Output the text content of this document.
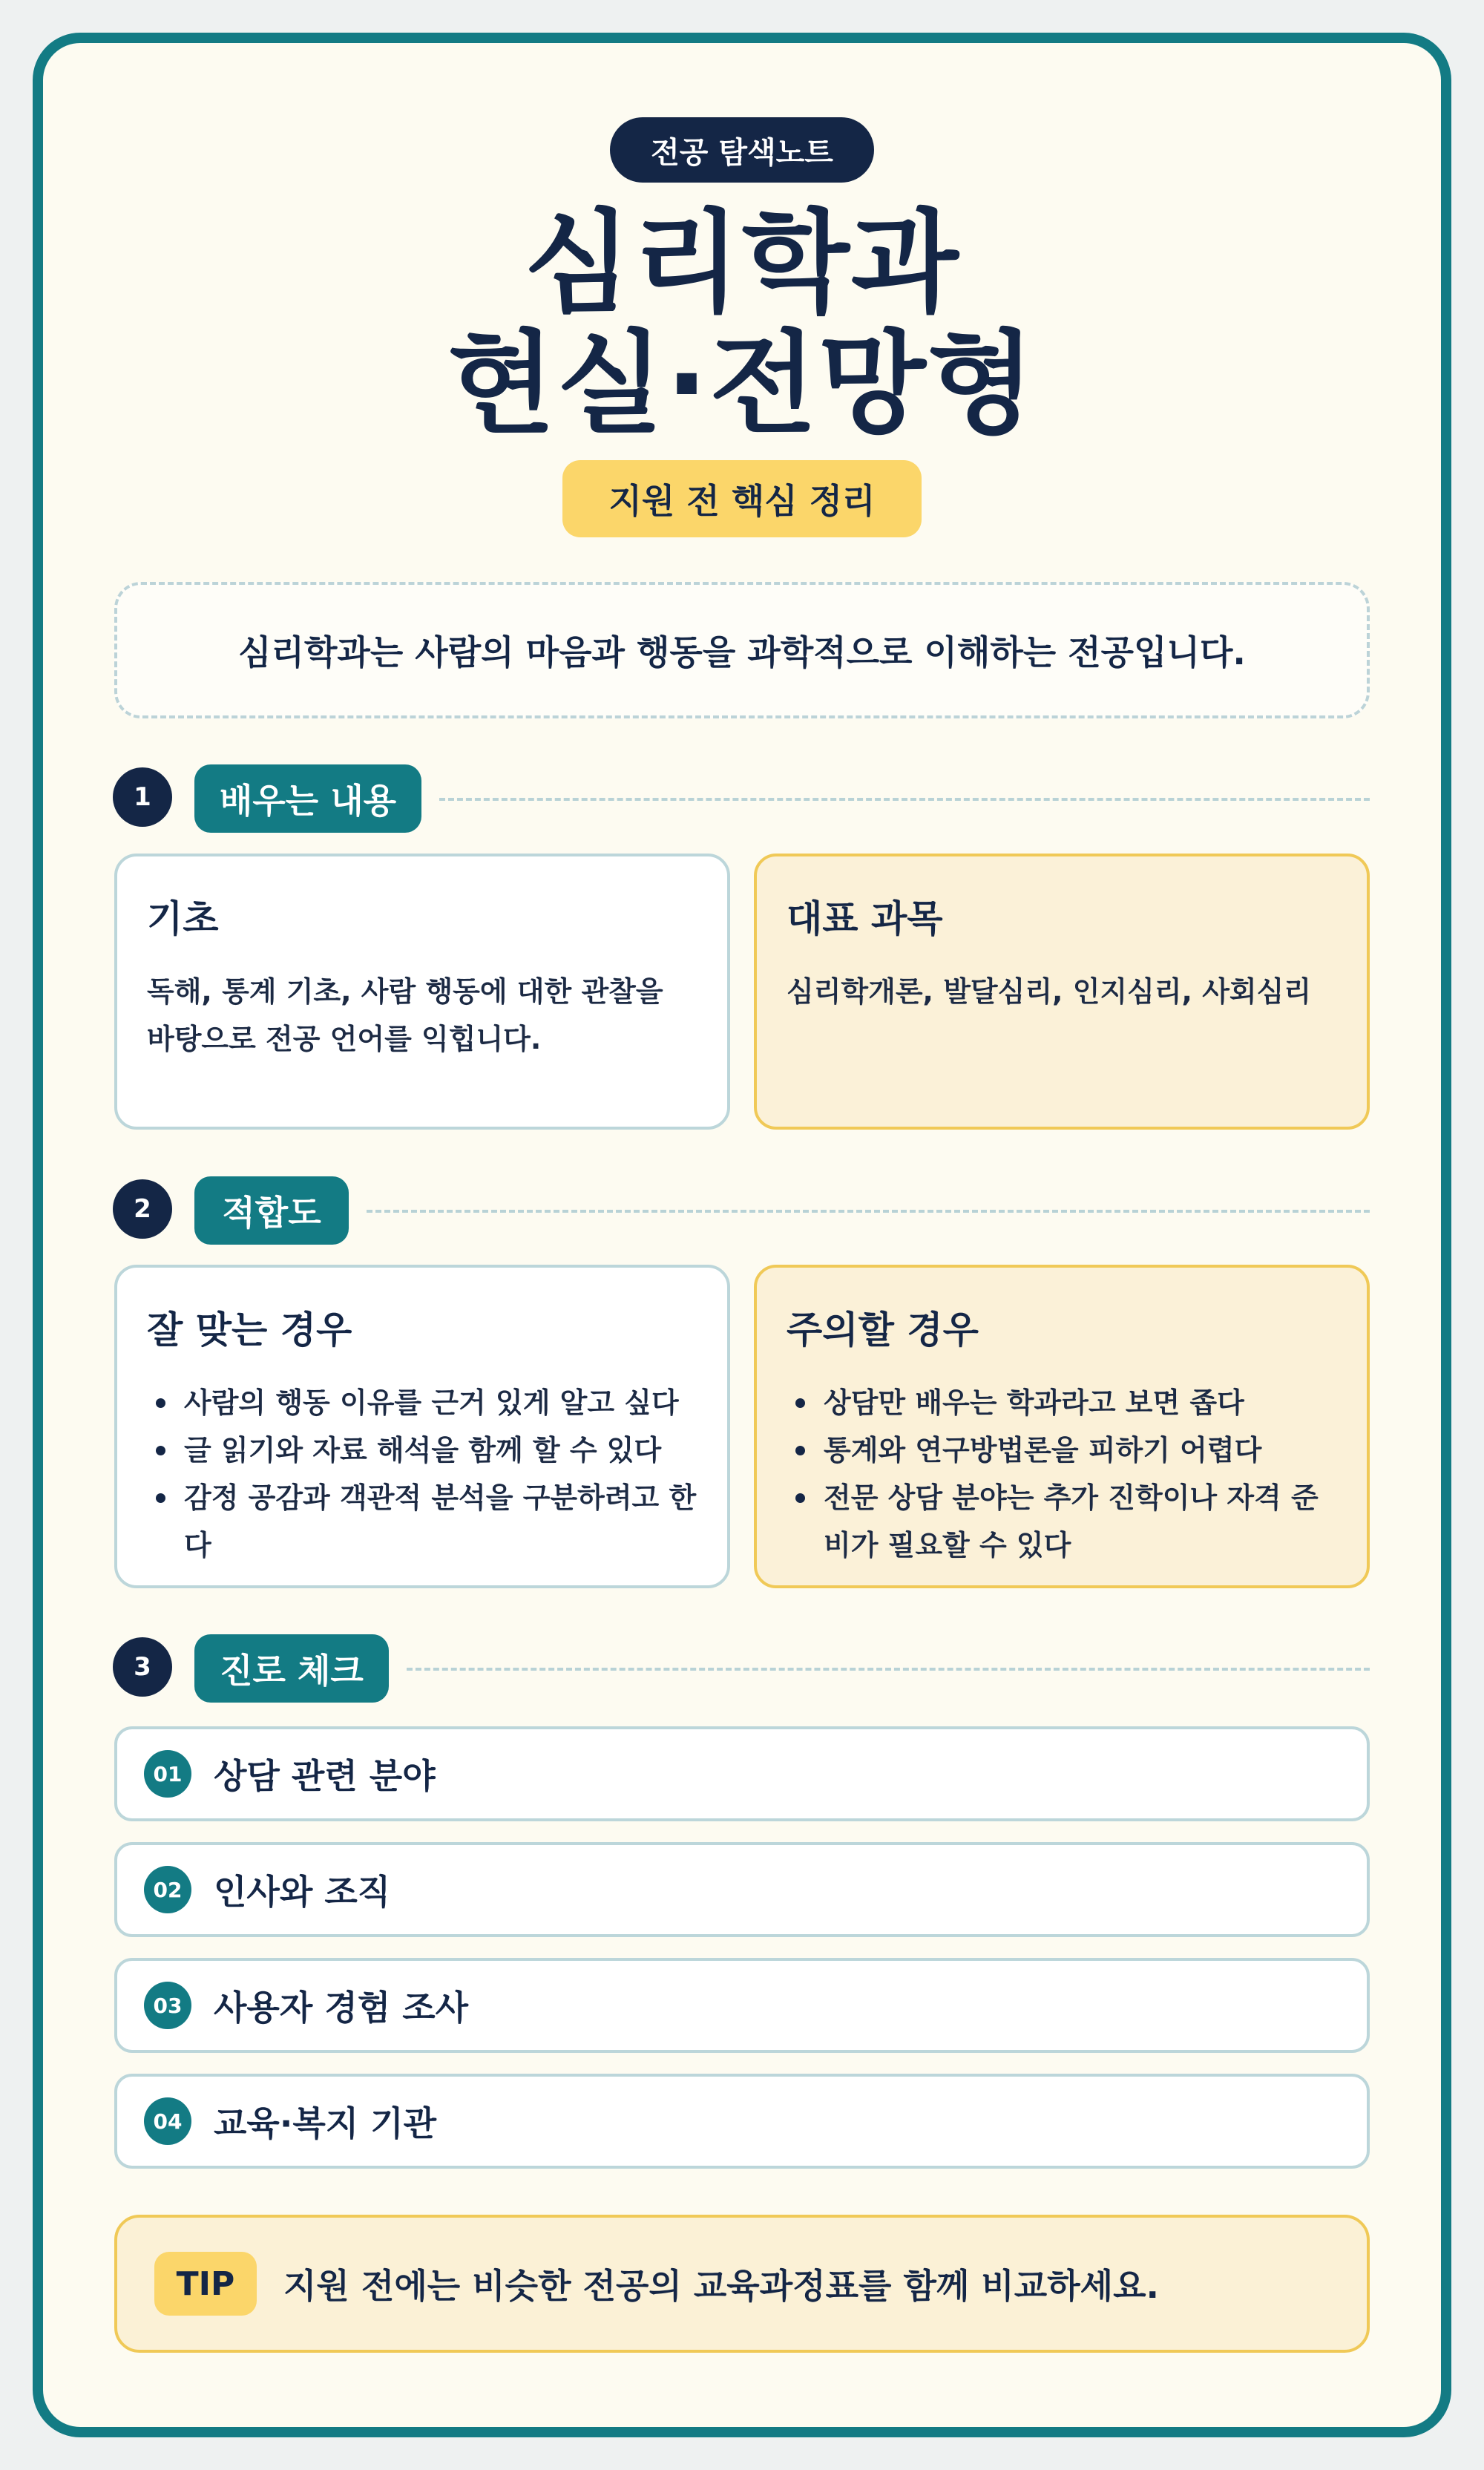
전공 탐색노트
심리학과
현실·전망형
지원 전 핵심 정리
심리학과는 사람의 마음과 행동을 과학적으로 이해하는 전공입니다.
1	배우는 내용
기초

독해, 통계 기초, 사람 행동에 대한 관찰을 바탕으로 전공 언어를 익힙니다.

대표 과목

심리학개론, 발달심리, 인지심리, 사회심리

2	적합도
잘 맞는 경우
사람의 행동 이유를 근거 있게 알고 싶다
글 읽기와 자료 해석을 함께 할 수 있다
감정 공감과 객관적 분석을 구분하려고 한다
주의할 경우
상담만 배우는 학과라고 보면 좁다
통계와 연구방법론을 피하기 어렵다
전문 상담 분야는 추가 진학이나 자격 준비가 필요할 수 있다
3	진로 체크
01 상담 관련 분야
02 인사와 조직
03 사용자 경험 조사
04 교육·복지 기관
TIP	지원 전에는 비슷한 전공의 교육과정표를 함께 비교하세요.
